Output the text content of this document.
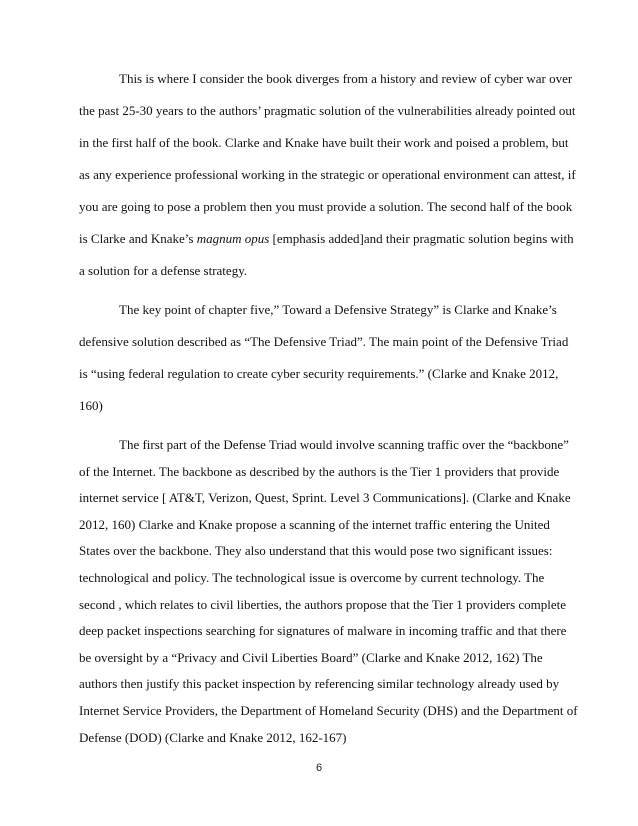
This is where I consider the book diverges from a history and review of cyber war over
the past 25-30 years to the authors’ pragmatic solution of the vulnerabilities already pointed out
in the first half of the book. Clarke and Knake have built their work and poised a problem, but
as any experience professional working in the strategic or operational environment can attest, if
you are going to pose a problem then you must provide a solution. The second half of the book
is Clarke and Knake’s magnum opus [emphasis added]and their pragmatic solution begins with
a solution for a defense strategy.
The key point of chapter five,” Toward a Defensive Strategy” is Clarke and Knake’s
defensive solution described as “The Defensive Triad”. The main point of the Defensive Triad
is “using federal regulation to create cyber security requirements.” (Clarke and Knake 2012,
160)
The first part of the Defense Triad would involve scanning traffic over the “backbone”
of the Internet. The backbone as described by the authors is the Tier 1 providers that provide
internet service [ AT&T, Verizon, Quest, Sprint. Level 3 Communications]. (Clarke and Knake
2012, 160) Clarke and Knake propose a scanning of the internet traffic entering the United
States over the backbone. They also understand that this would pose two significant issues:
technological and policy. The technological issue is overcome by current technology. The
second , which relates to civil liberties, the authors propose that the Tier 1 providers complete
deep packet inspections searching for signatures of malware in incoming traffic and that there
be oversight by a “Privacy and Civil Liberties Board” (Clarke and Knake 2012, 162) The
authors then justify this packet inspection by referencing similar technology already used by
Internet Service Providers, the Department of Homeland Security (DHS) and the Department of
Defense (DOD) (Clarke and Knake 2012, 162-167)
6
